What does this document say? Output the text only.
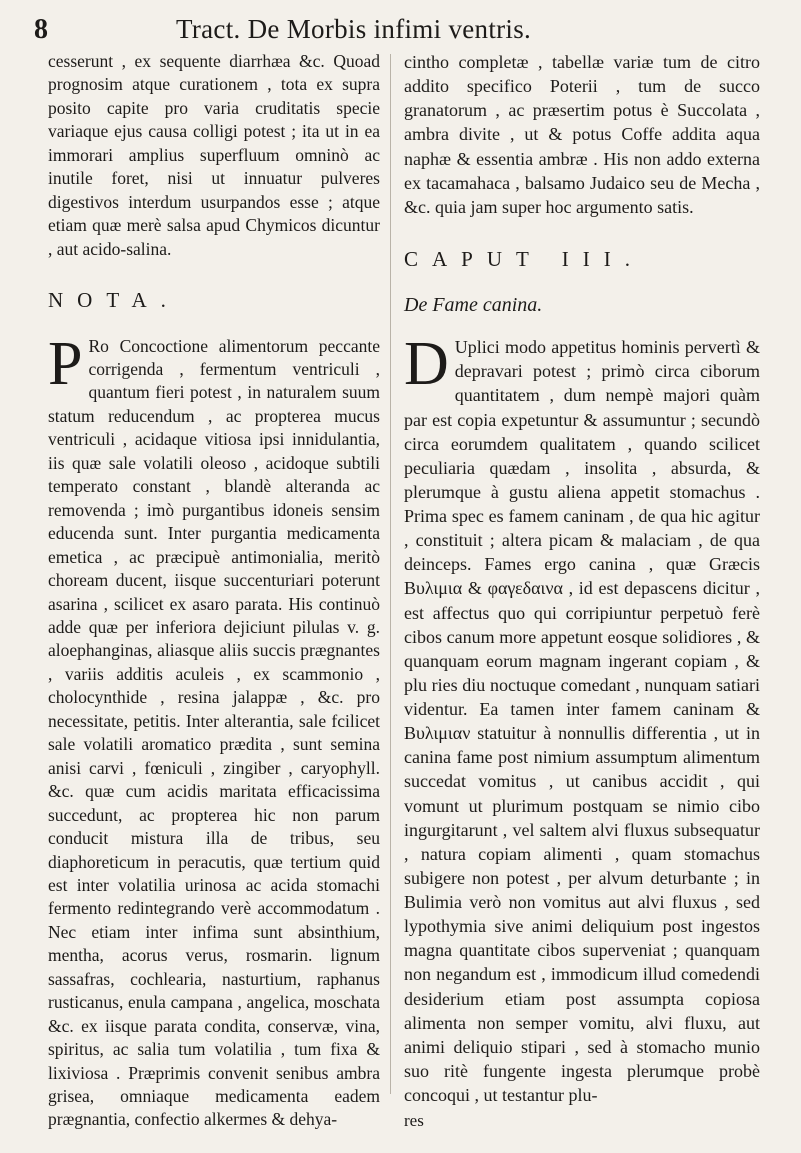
8	Tract. De Morbis infimi ventris.

cesserunt , ex sequente diarrhæa &c. Quoad prognosim atque curationem , tota ex supra posito capite pro varia cruditatis specie variaque ejus causa colligi potest ; ita ut in ea immorari amplius superfluum omninò ac inutile foret, nisi ut innuatur pulveres digestivos interdum usurpandos esse ; atque etiam quæ merè salsa apud Chymicos dicuntur , aut acido-salina.

NOTA.

P Ro Concoctione alimentorum peccante corrigenda , fermentum ventriculi , quantum fieri potest , in naturalem suum statum reducendum , ac propterea mucus ventriculi , acidaque vitiosa ipsi innidulantia, iis quæ sale volatili oleoso , acidoque subtili temperato constant , blandè alteranda ac removenda ; imò purgantibus idoneis sensim educenda sunt. Inter purgantia medicamenta emetica , ac præcipuè antimonialia, meritò choream ducent, iisque succenturiari poterunt asarina , scilicet ex asaro parata. His continuò adde quæ per inferiora dejiciunt pilulas v. g. aloephanginas, aliasque aliis succis prægnantes , variis additis aculeis , ex scammonio , cholocynthide , resina jalappæ , &c. pro necessitate, petitis. Inter alterantia, sale fcilicet sale volatili aromatico prædita , sunt semina anisi carvi , fœniculi , zingiber , caryophyll. &c. quæ cum acidis maritata efficacissima succedunt, ac propterea hic non parum conducit mistura illa de tribus, seu diaphoreticum in peracutis, quæ tertium quid est inter volatilia urinosa ac acida stomachi fermento redintegrando verè accommodatum . Nec etiam inter infima sunt absinthium, mentha, acorus verus, rosmarin. lignum sassafras, cochlearia, nasturtium, raphanus rusticanus, enula campana , angelica, moschata &c. ex iisque parata condita, conservæ, vina, spiritus, ac salia tum volatilia , tum fixa & lixiviosa . Præprimis convenit senibus ambra grisea, omniaque medicamenta eadem prægnantia, confectio alkermes & dehya-

cintho completæ , tabellæ variæ tum de citro addito specifico Poterii , tum de succo granatorum , ac præsertim potus è Succolata , ambra divite , ut & potus Coffe addita aqua naphæ & essentia ambræ . His non addo externa ex tacamahaca , balsamo Judaico seu de Mecha , &c. quia jam super hoc argumento satis.

CAPUT III.

De Fame canina.

D Uplici modo appetitus hominis pervertì & depravari potest ; primò circa ciborum quantitatem , dum nempè majori quàm par est copia expetuntur & assumuntur ; secundò circa eorumdem qualitatem , quando scilicet peculiaria quædam , insolita , absurda, & plerumque à gustu aliena appetit stomachus . Prima spec es famem caninam , de qua hic agitur , constituit ; altera picam & malaciam , de qua deinceps. Fames ergo canina , quæ Græcis Βυλιμια & φαγεδαινα , id est depascens dicitur , est affectus quo qui corripiuntur perpetuò ferè cibos canum more appetunt eosque solidiores , & quanquam eorum magnam ingerant copiam , & plu ries diu noctuque comedant , nunquam satiari videntur. Ea tamen inter famem caninam & Βυλιμιαν statuitur à nonnullis differentia , ut in canina fame post nimium assumptum alimentum succedat vomitus , ut canibus accidit , qui vomunt ut plurimum postquam se nimio cibo ingurgitarunt , vel saltem alvi fluxus subsequatur , natura copiam alimenti , quam stomachus subigere non potest , per alvum deturbante ; in Bulimia verò non vomitus aut alvi fluxus , sed lypothymia sive animi deliquium post ingestos magna quantitate cibos superveniat ; quanquam non negandum est , immodicum illud comedendi desiderium etiam post assumpta copiosa alimenta non semper vomitu, alvi fluxu, aut animi deliquio stipari , sed à stomacho munio suo ritè fungente ingesta plerumque probè concoqui , ut testantur plu-

res
